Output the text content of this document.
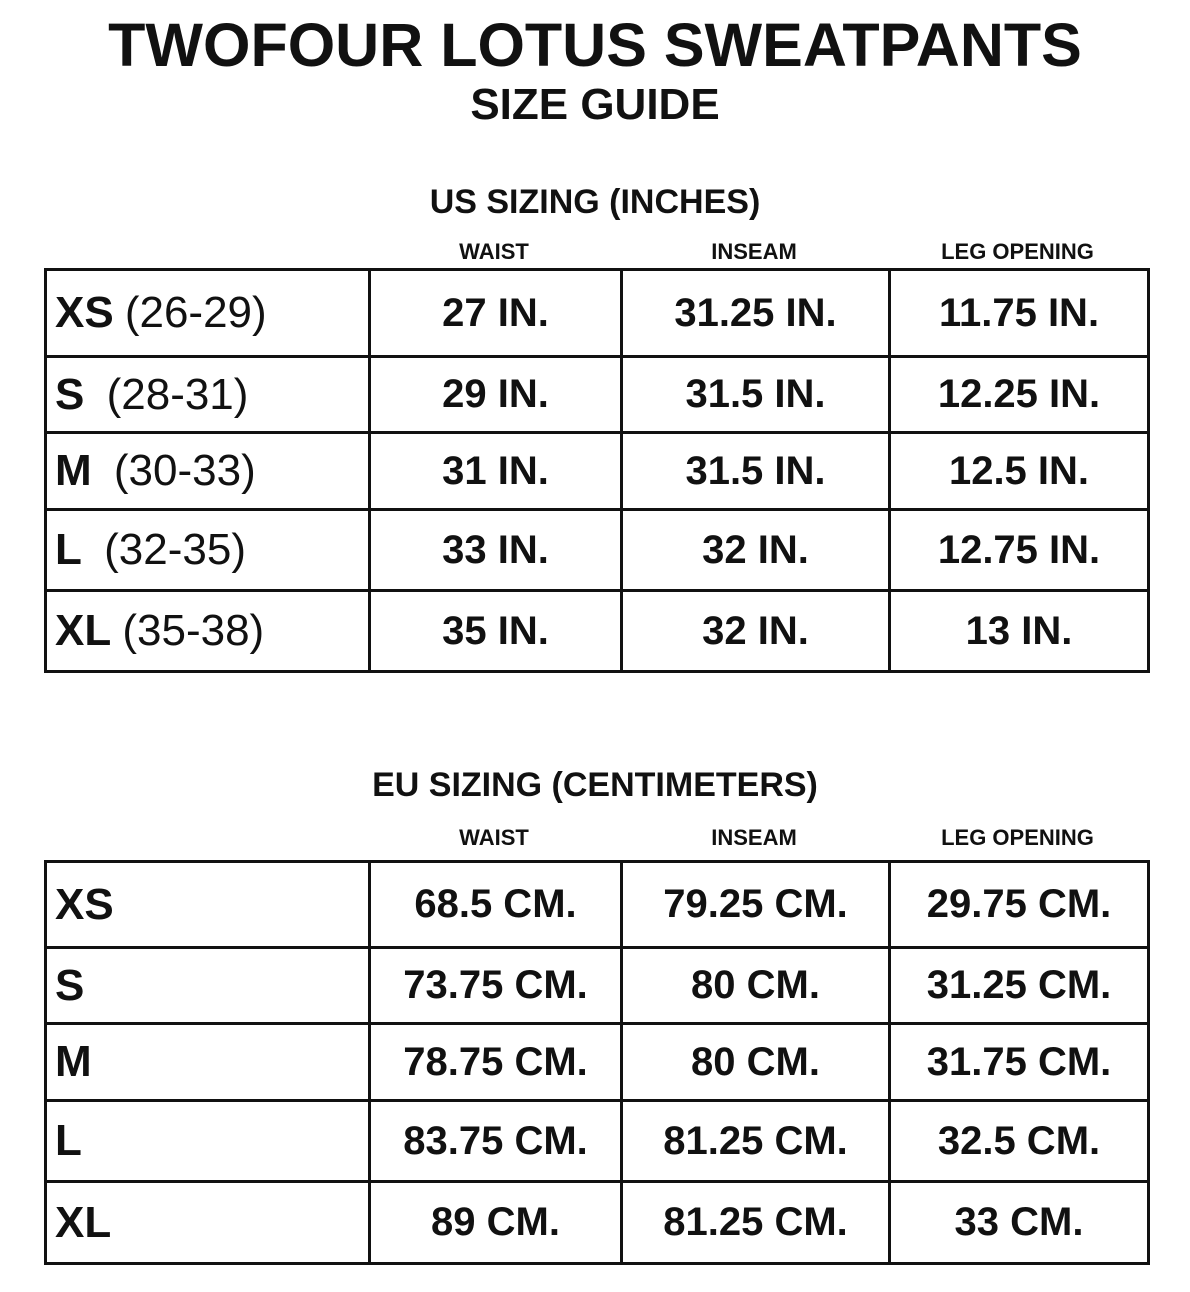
TWOFOUR LOTUS SWEATPANTS
SIZE GUIDE
US SIZING (INCHES)
WAIST	INSEAM	LEG OPENING
XS (26-29)	27 IN.	31.25 IN.	11.75 IN.
S (28-31)	29 IN.	31.5 IN.	12.25 IN.
M (30-33)	31 IN.	31.5 IN.	12.5 IN.
L (32-35)	33 IN.	32 IN.	12.75 IN.
XL (35-38)	35 IN.	32 IN.	13 IN.
EU SIZING (CENTIMETERS)
WAIST	INSEAM	LEG OPENING
XS	68.5 CM.	79.25 CM.	29.75 CM.
S	73.75 CM.	80 CM.	31.25 CM.
M	78.75 CM.	80 CM.	31.75 CM.
L	83.75 CM.	81.25 CM.	32.5 CM.
XL	89 CM.	81.25 CM.	33 CM.
